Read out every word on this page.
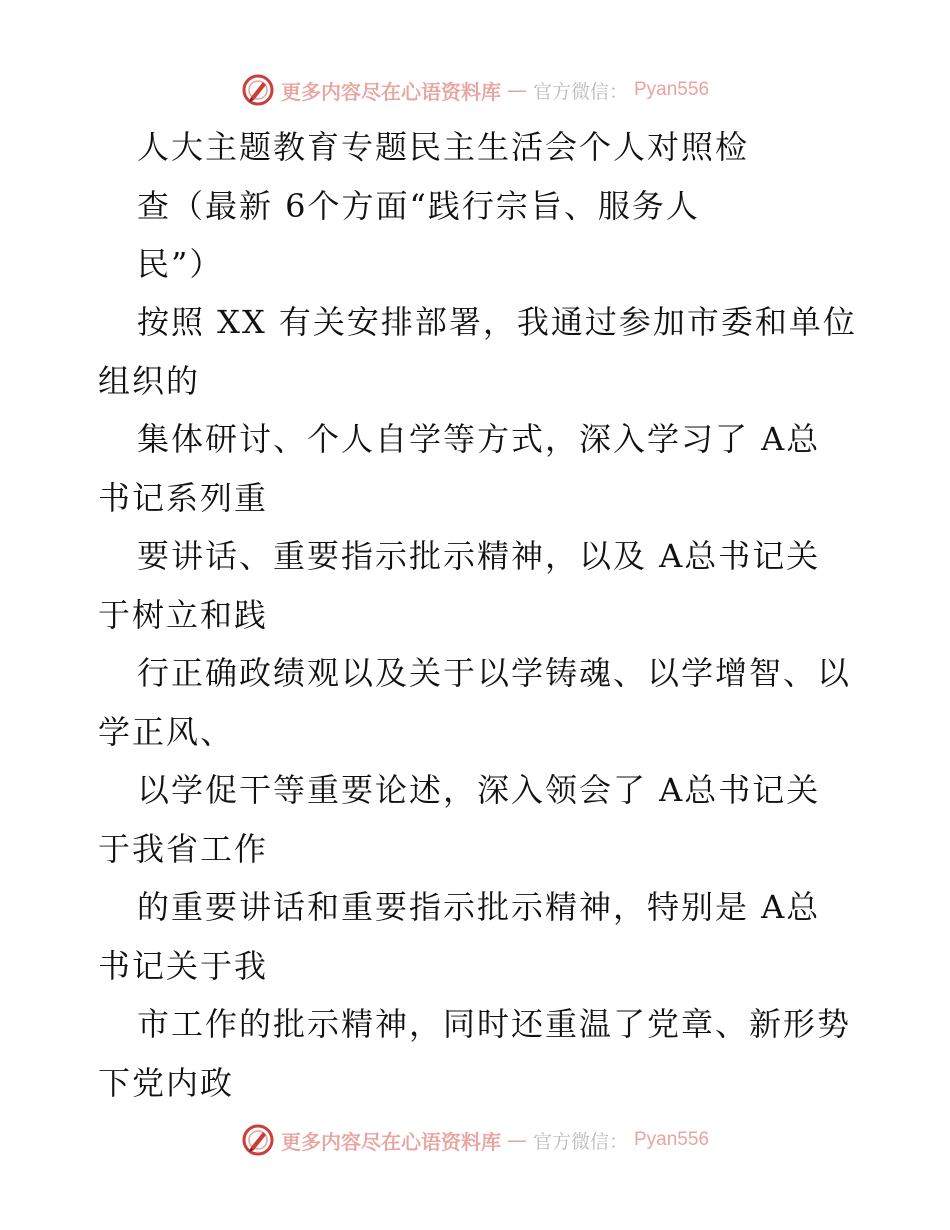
更多内容尽在心语资料库 — 官方微信： Pyan556
人大主题教育专题民主生活会个人对照检
查（最新 6个方面“践行宗旨、服务人
民”）
按照 XX 有关安排部署，我通过参加市委和单位
组织的
集体研讨、个人自学等方式，深入学习了 A总
书记系列重
要讲话、重要指示批示精神，以及 A总书记关
于树立和践
行正确政绩观以及关于以学铸魂、以学增智、以
学正风、
以学促干等重要论述，深入领会了 A总书记关
于我省工作
的重要讲话和重要指示批示精神，特别是 A总
书记关于我
市工作的批示精神，同时还重温了党章、新形势
下党内政
更多内容尽在心语资料库 — 官方微信： Pyan556
